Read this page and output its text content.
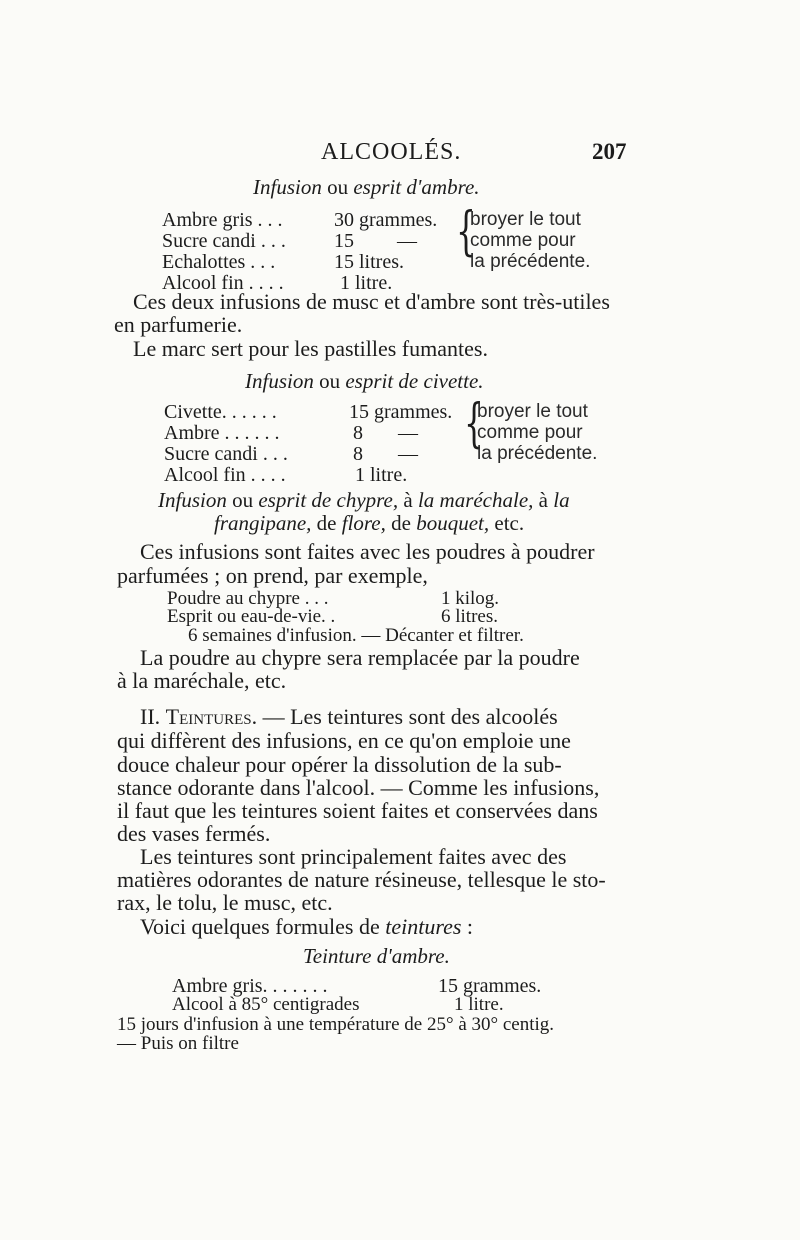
ALCOOLÉS.	207
Infusion ou esprit d'ambre.
Ambre gris . . .	30 grammes.
Sucre candi . . . 15 —
Echalottes . . .	15 litres.
Alcool fin . . . .	1 litre.
{
broyer le tout
comme pour
la précédente.
Ces deux infusions de musc et d'ambre sont très-utiles
en parfumerie.
Le marc sert pour les pastilles fumantes.
Infusion ou esprit de civette.
Civette. . . . . .	15 grammes.
Ambre . . . . . .	8 —
Sucre candi . . .	8 —
Alcool fin . . . .	1 litre.
{
broyer le tout
comme pour
la précédente.
Infusion ou esprit de chypre, à la maréchale, à la
frangipane, de flore, de bouquet, etc.
Ces infusions sont faites avec les poudres à poudrer
parfumées ; on prend, par exemple,
Poudre au chypre . . .	1 kilog.
Esprit ou eau-de-vie. .	6 litres.
6 semaines d'infusion. — Décanter et filtrer.
La poudre au chypre sera remplacée par la poudre
à la maréchale, etc.
II. Teintures. — Les teintures sont des alcoolés
qui diffèrent des infusions, en ce qu'on emploie une
douce chaleur pour opérer la dissolution de la sub-
stance odorante dans l'alcool. — Comme les infusions,
il faut que les teintures soient faites et conservées dans
des vases fermés.
Les teintures sont principalement faites avec des
matières odorantes de nature résineuse, tellesque le sto-
rax, le tolu, le musc, etc.
Voici quelques formules de teintures :
Teinture d'ambre.
Ambre gris. . . . . . .	15 grammes.
Alcool à 85° centigrades	1 litre.
15 jours d'infusion à une température de 25° à 30° centig.
— Puis on filtre
